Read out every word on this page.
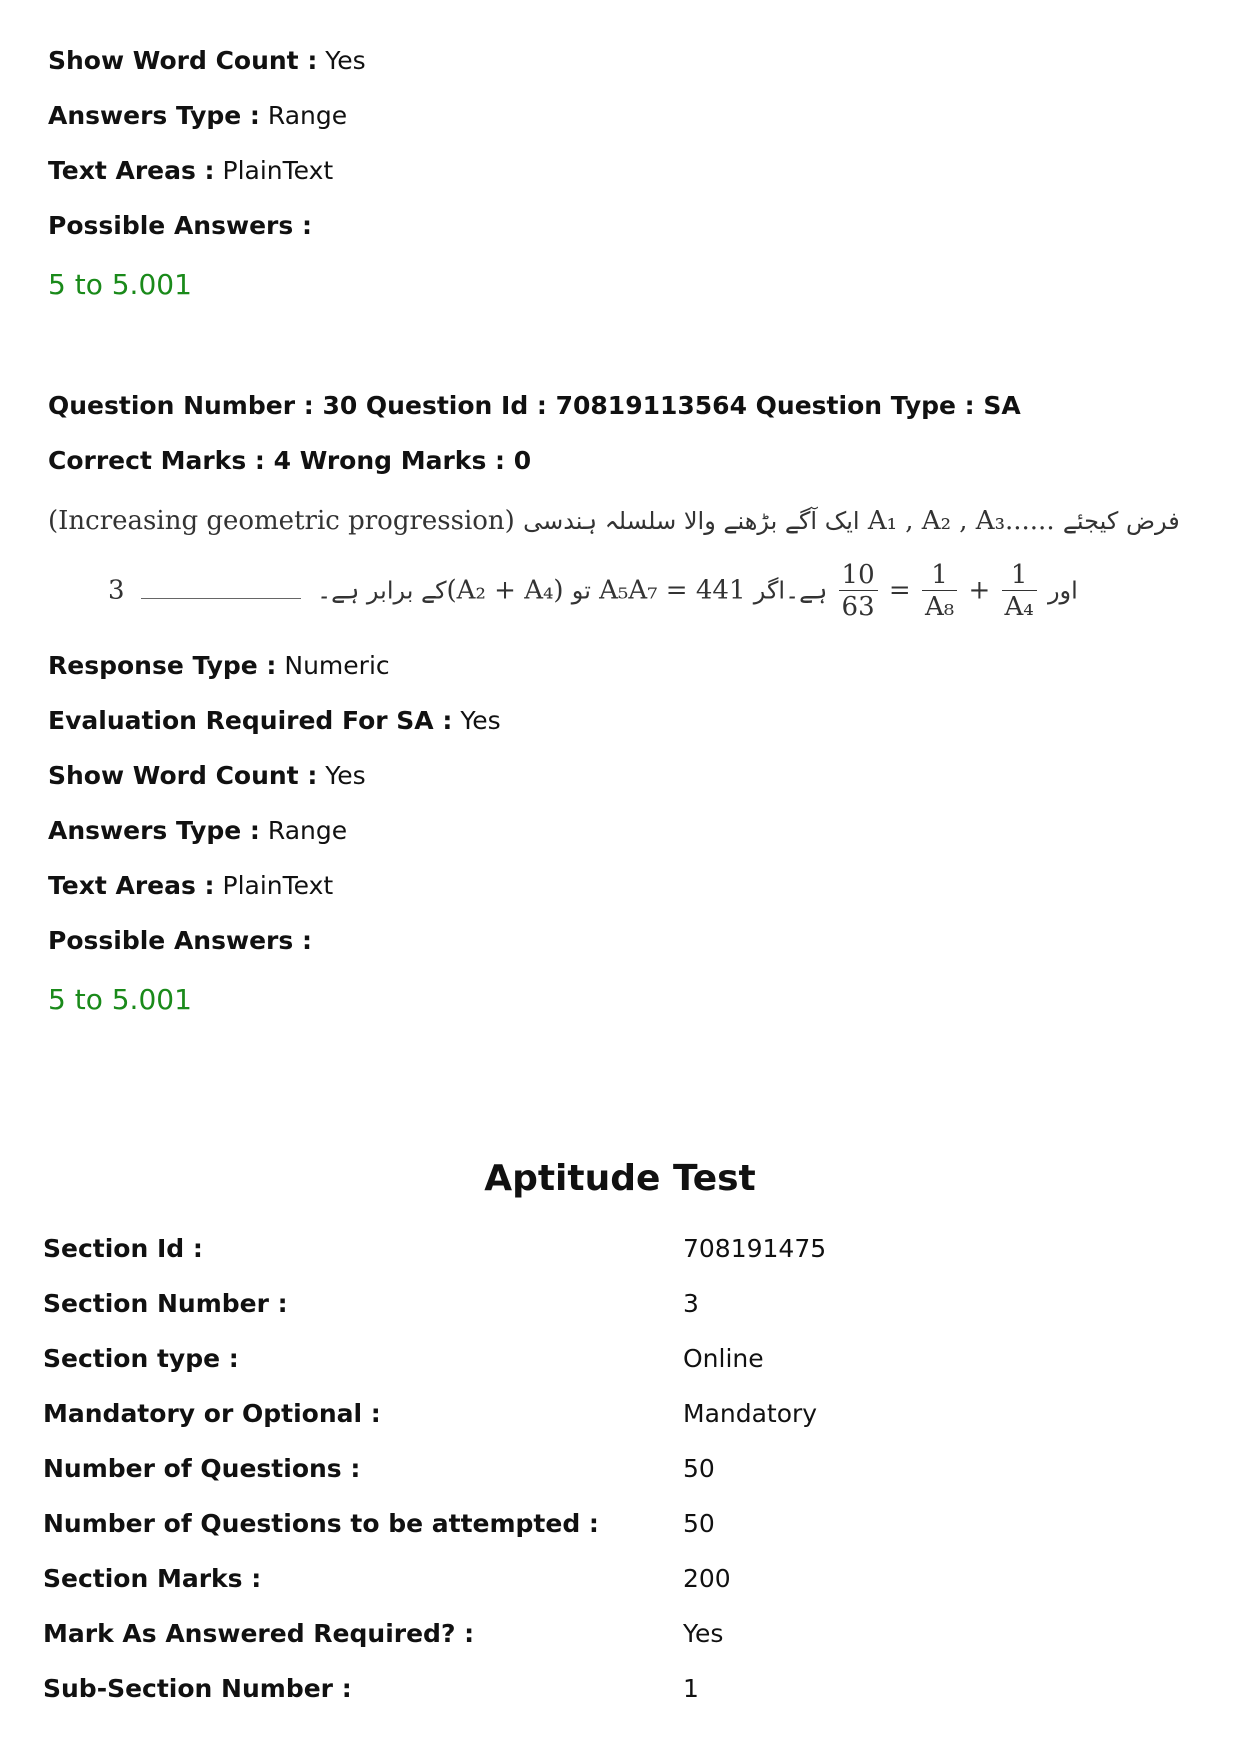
Show Word Count : Yes
Answers Type : Range
Text Areas : PlainText
Possible Answers :
5 to 5.001
Question Number : 30 Question Id : 70819113564 Question Type : SA
Correct Marks : 4 Wrong Marks : 0
(Increasing geometric progression) ایک آگے بڑھنے والا سلسلہ ہندسی A₁ , A₂ , A₃...... فرض کیجئے
کے برابر ہے۔  3(A₂ + A₄) تو A₅A₇ = 441	اور
$\frac{1}{\text{A₄}}$
+
$\frac{1}{\text{A₈}}$
=
$\frac{10}{63}$
ہے۔اگر
Response Type : Numeric
Evaluation Required For SA : Yes
Show Word Count : Yes
Answers Type : Range
Text Areas : PlainText
Possible Answers :
5 to 5.001
Aptitude Test
Section Id :	708191475
Section Number :	3
Section type :	Online
Mandatory or Optional :	Mandatory
Number of Questions :	50
Number of Questions to be attempted :	50
Section Marks :	200
Mark As Answered Required? :	Yes
Sub-Section Number :	1
